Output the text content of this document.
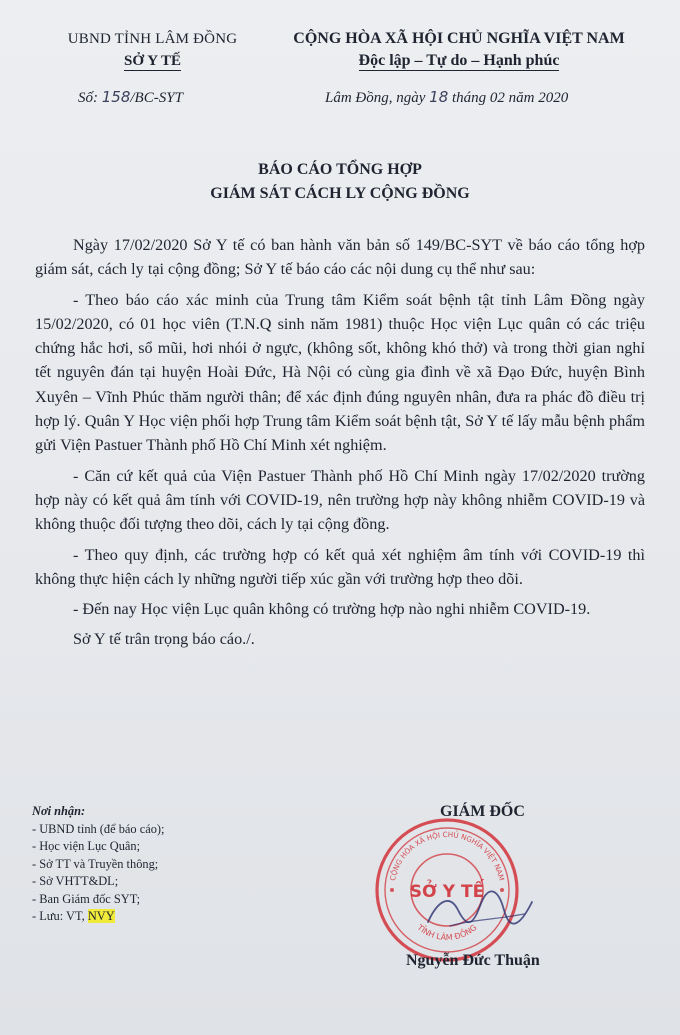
UBND TỈNH LÂM ĐỒNG
SỞ Y TẾ
CỘNG HÒA XÃ HỘI CHỦ NGHĨA VIỆT NAM
Độc lập – Tự do – Hạnh phúc
Số: 158/BC-SYT	Lâm Đồng, ngày 18 tháng 02 năm 2020
BÁO CÁO TỔNG HỢP
GIÁM SÁT CÁCH LY CỘNG ĐỒNG

Ngày 17/02/2020 Sở Y tế có ban hành văn bản số 149/BC-SYT về báo cáo tổng hợp giám sát, cách ly tại cộng đồng; Sở Y tế báo cáo các nội dung cụ thể như sau:

- Theo báo cáo xác minh của Trung tâm Kiểm soát bệnh tật tỉnh Lâm Đồng ngày 15/02/2020, có 01 học viên (T.N.Q sinh năm 1981) thuộc Học viện Lục quân có các triệu chứng hắc hơi, sổ mũi, hơi nhói ở ngực, (không sốt, không khó thở) và trong thời gian nghỉ tết nguyên đán tại huyện Hoài Đức, Hà Nội có cùng gia đình về xã Đạo Đức, huyện Bình Xuyên – Vĩnh Phúc thăm người thân; để xác định đúng nguyên nhân, đưa ra phác đồ điều trị hợp lý. Quân Y Học viện phối hợp Trung tâm Kiểm soát bệnh tật, Sở Y tế lấy mẫu bệnh phẩm gửi Viện Pastuer Thành phố Hồ Chí Minh xét nghiệm.

- Căn cứ kết quả của Viện Pastuer Thành phố Hồ Chí Minh ngày 17/02/2020 trường hợp này có kết quả âm tính với COVID-19, nên trường hợp này không nhiễm COVID-19 và không thuộc đối tượng theo dõi, cách ly tại cộng đồng.

- Theo quy định, các trường hợp có kết quả xét nghiệm âm tính với COVID-19 thì không thực hiện cách ly những người tiếp xúc gần với trường hợp theo dõi.

- Đến nay Học viện Lục quân không có trường hợp nào nghi nhiễm COVID-19.

Sở Y tế trân trọng báo cáo./.
Nơi nhận:
- UBND tỉnh (để báo cáo);
- Học viện Lục Quân;
- Sở TT và Truyền thông;
- Sở VHTT&DL;
- Ban Giám đốc SYT;
- Lưu: VT, NVY
GIÁM ĐỐC
CỘNG HÒA XÃ HỘI CHỦ NGHĨA VIỆT NAM
TỈNH LÂM ĐỒNG
SỞ Y TẾ
Nguyễn Đức Thuận
